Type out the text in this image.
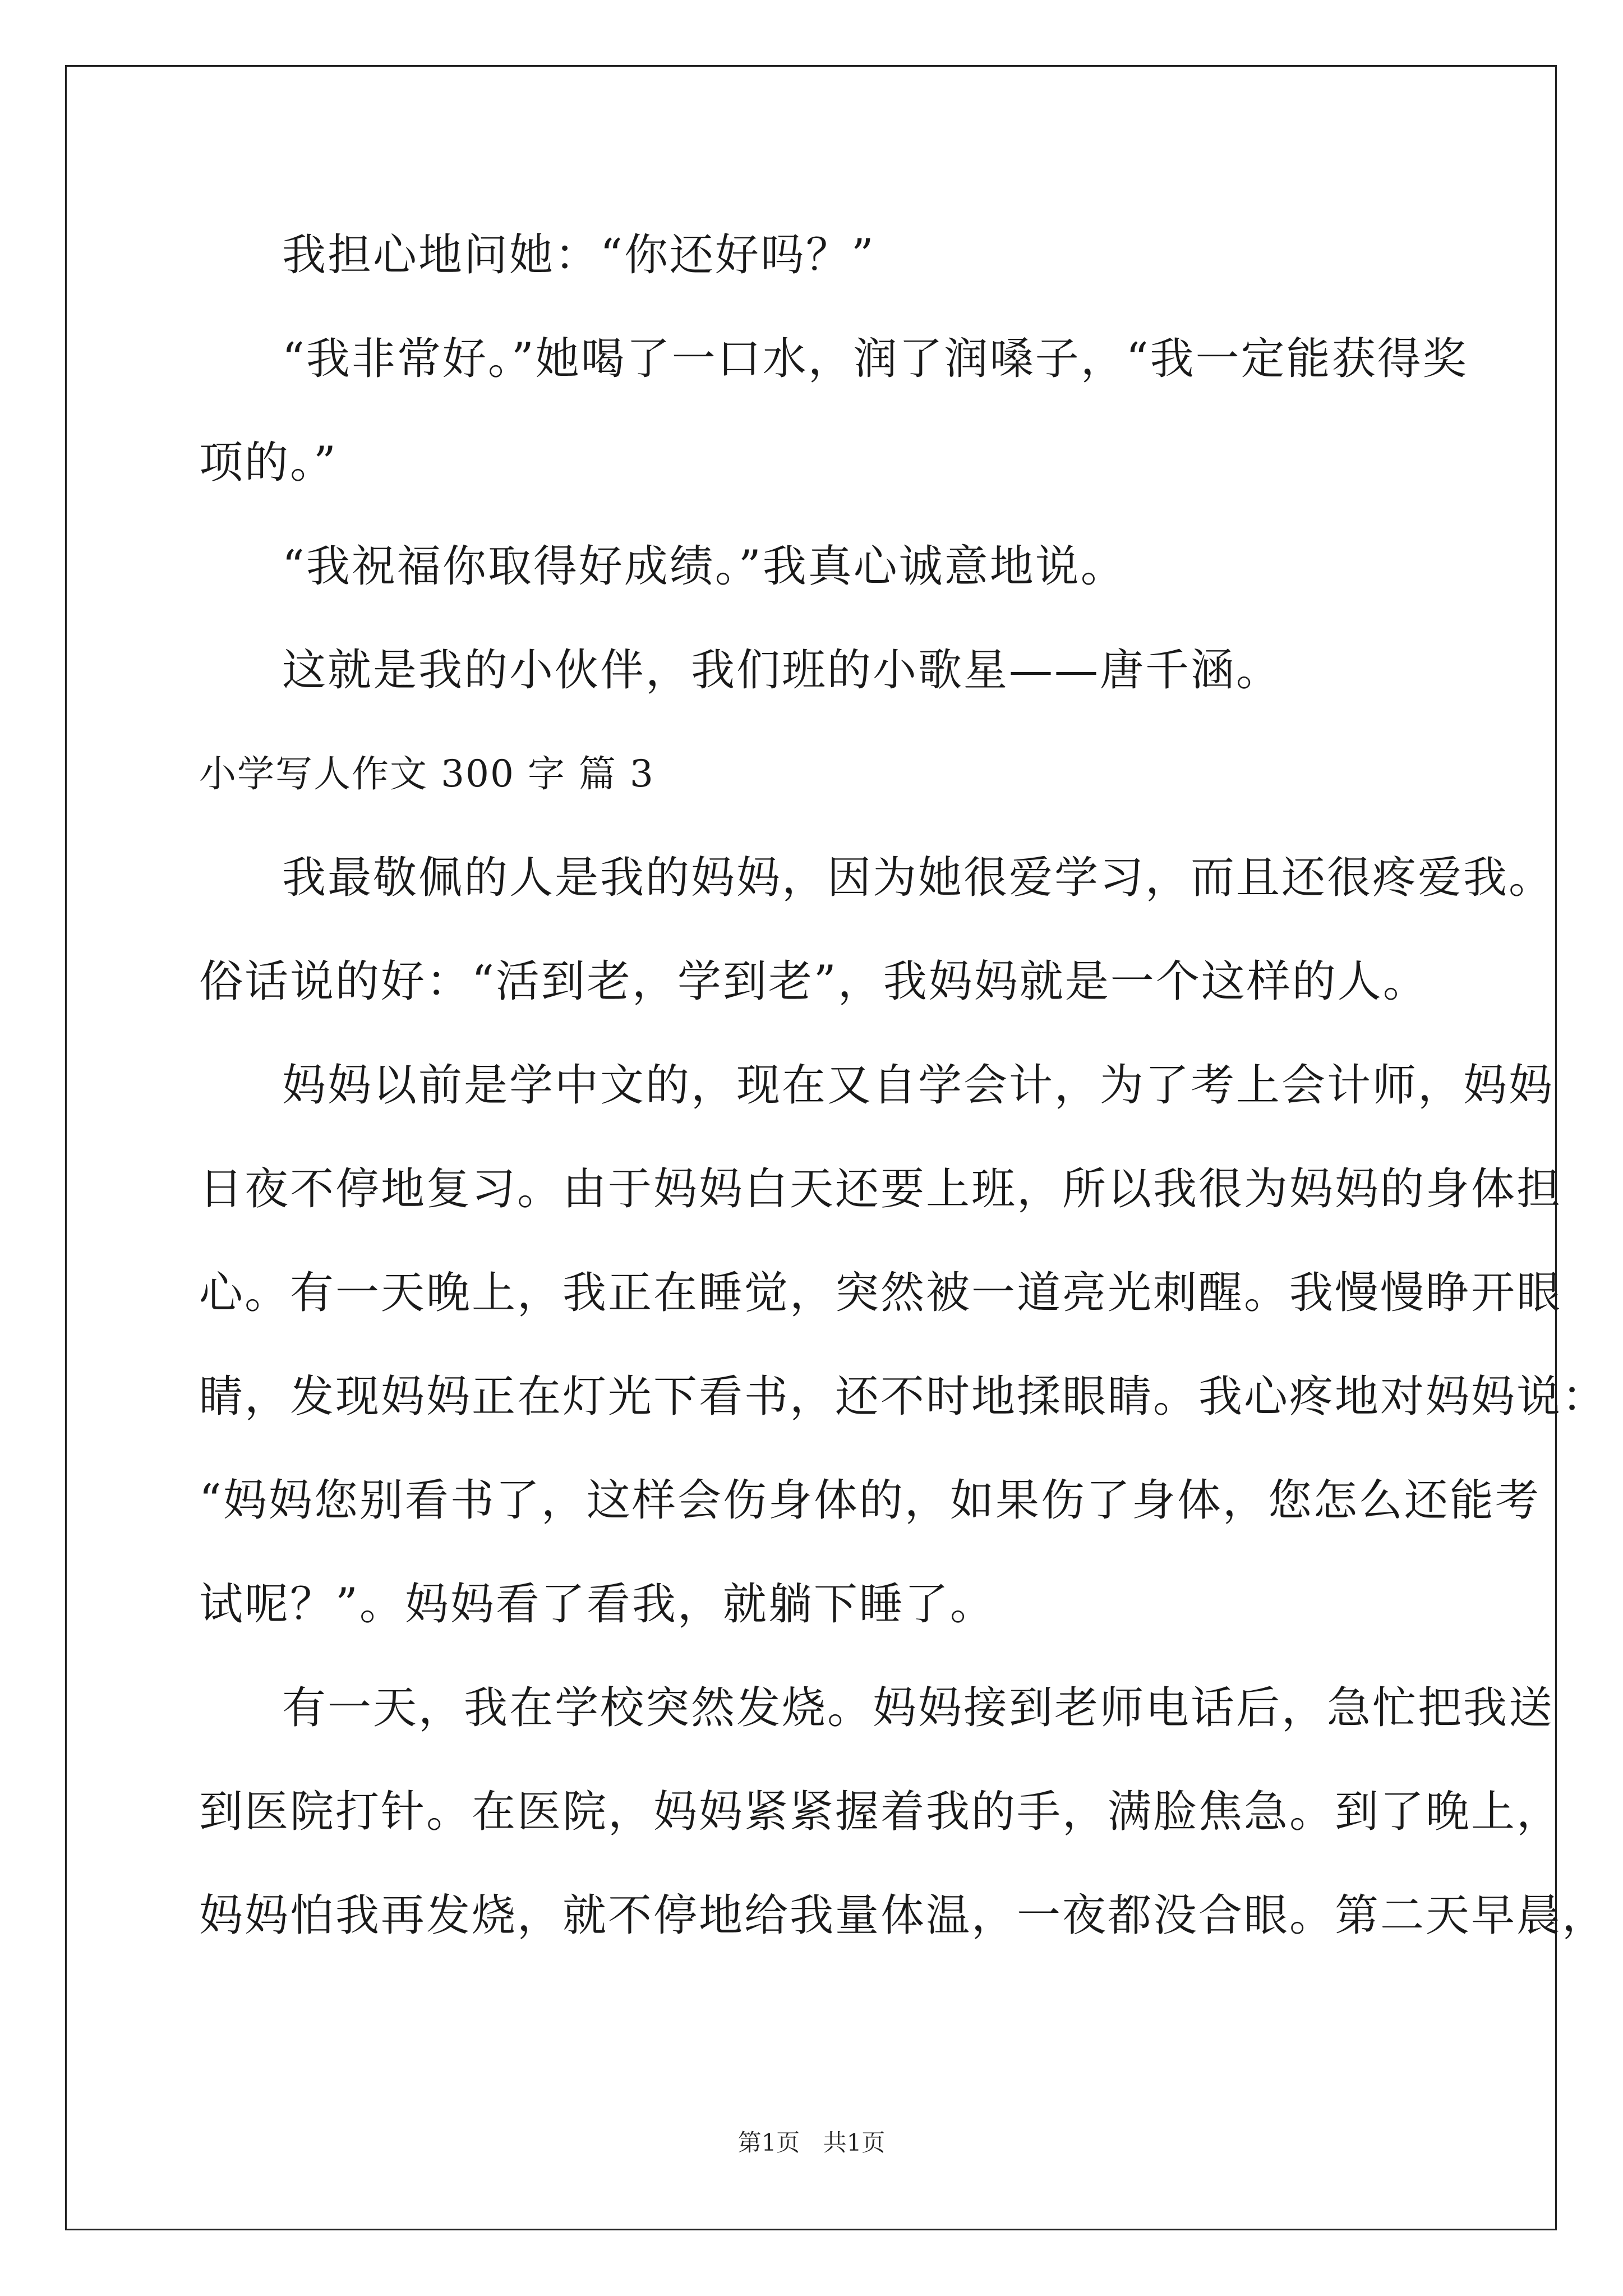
我担心地问她：“你还好吗？”
“我非常好。”她喝了一口水，润了润嗓子，“我一定能获得奖
项的。”
“我祝福你取得好成绩。”我真心诚意地说。
这就是我的小伙伴，我们班的小歌星——唐千涵。
小学写人作文 300 字 篇 3
我最敬佩的人是我的妈妈，因为她很爱学习，而且还很疼爱我。
俗话说的好：“活到老，学到老”，我妈妈就是一个这样的人。
妈妈以前是学中文的，现在又自学会计，为了考上会计师，妈妈
日夜不停地复习。由于妈妈白天还要上班，所以我很为妈妈的身体担
心。有一天晚上，我正在睡觉，突然被一道亮光刺醒。我慢慢睁开眼
睛，发现妈妈正在灯光下看书，还不时地揉眼睛。我心疼地对妈妈说：
“妈妈您别看书了，这样会伤身体的，如果伤了身体，您怎么还能考
试呢？”。妈妈看了看我，就躺下睡了。
有一天，我在学校突然发烧。妈妈接到老师电话后，急忙把我送
到医院打针。在医院，妈妈紧紧握着我的手，满脸焦急。到了晚上，
妈妈怕我再发烧，就不停地给我量体温，一夜都没合眼。第二天早晨，
第1页 共1页
